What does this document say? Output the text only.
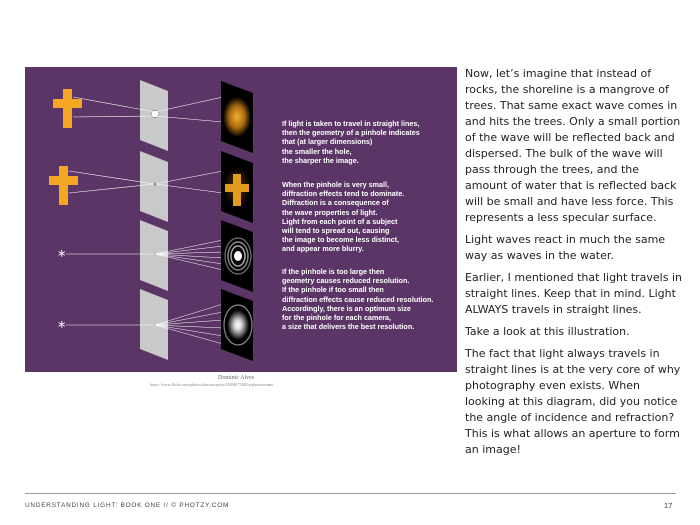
*
*
If light is taken to travel in straight lines,
then the geometry of a pinhole indicates
that (at larger dimensions)
the smaller the hole,
the sharper the image.
When the pinhole is very small,
diffraction effects tend to dominate.
Diffraction is a consequence of
the wave properties of light.
Light from each point of a subject
will tend to spread out, causing
the image to become less distinct,
and appear more blurry.
If the pinhole is too large then
geometry causes reduced resolution.
If the pinhole if too small then
diffraction effects cause reduced resolution.
Accordingly, there is an optimum size
for the pinhole for each camera,
a size that delivers the best resolution.
Dominic Alves
https://www.flickr.com/photos/dominicspics/4509817500/in/photostream/

Now, let’s imagine that instead of rocks, the shoreline is a mangrove of trees. That same exact wave comes in and hits the trees. Only a small portion of the wave will be reflected back and dispersed. The bulk of the wave will pass through the trees, and the amount of water that is reflected back will be small and have less force. This represents a less specular surface.

Light waves react in much the same way as waves in the water.

Earlier, I mentioned that light travels in straight lines. Keep that in mind. Light ALWAYS travels in straight lines.

Take a look at this illustration.

The fact that light always travels in straight lines is at the very core of why photography even exists. When looking at this diagram, did you notice the angle of incidence and refraction? This is what allows an aperture to form an image!

UNDERSTANDING LIGHT: BOOK ONE // © PHOTZY.COM	17
